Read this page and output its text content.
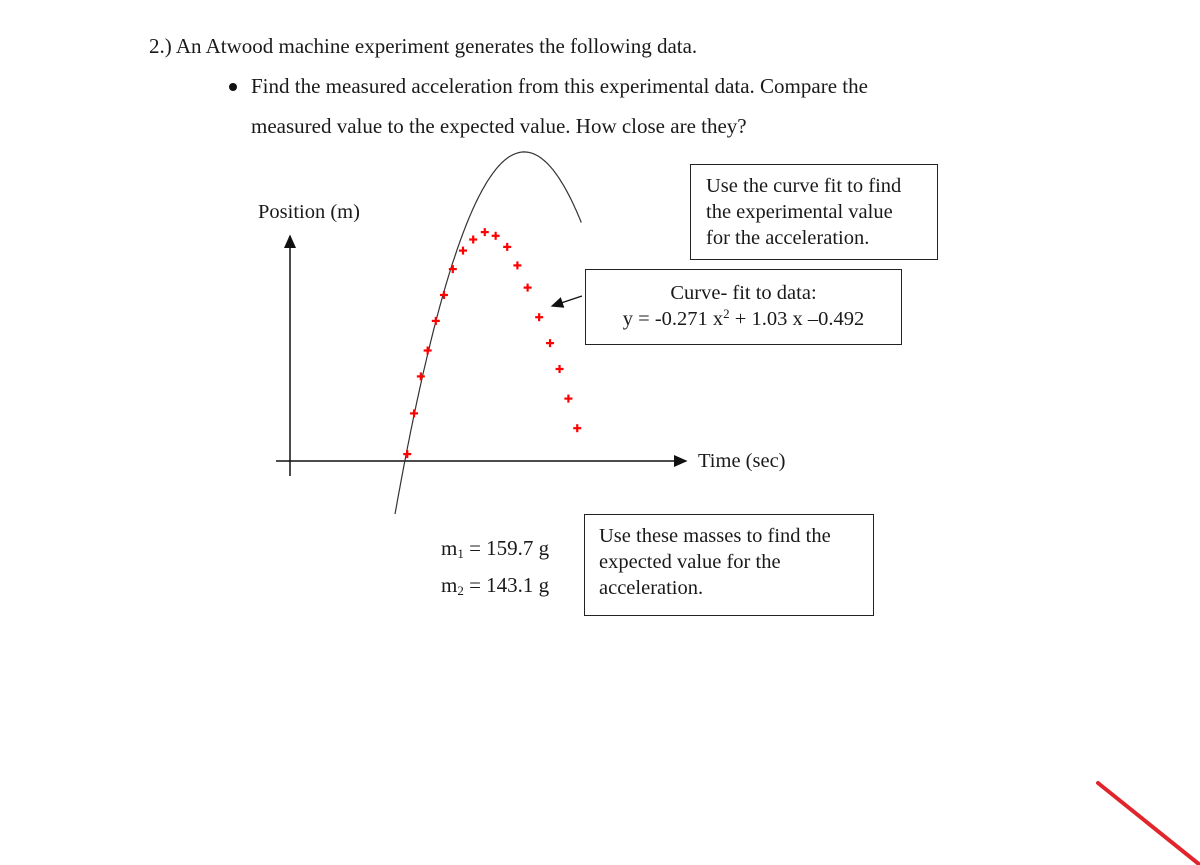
2.) An Atwood machine experiment generates the following data.
Find the measured acceleration from this experimental data. Compare the
measured value to the expected value. How close are they?
Position (m)
Time (sec)
Use the curve fit to find
the experimental value
for the acceleration.
Curve- fit to data:
y = -0.271 $x^2 + 1.03$ x –0.492
$m_1 = 159.7$ g
$m_2 = 143.1$ g
Use these masses to find the
expected value for the
acceleration.
